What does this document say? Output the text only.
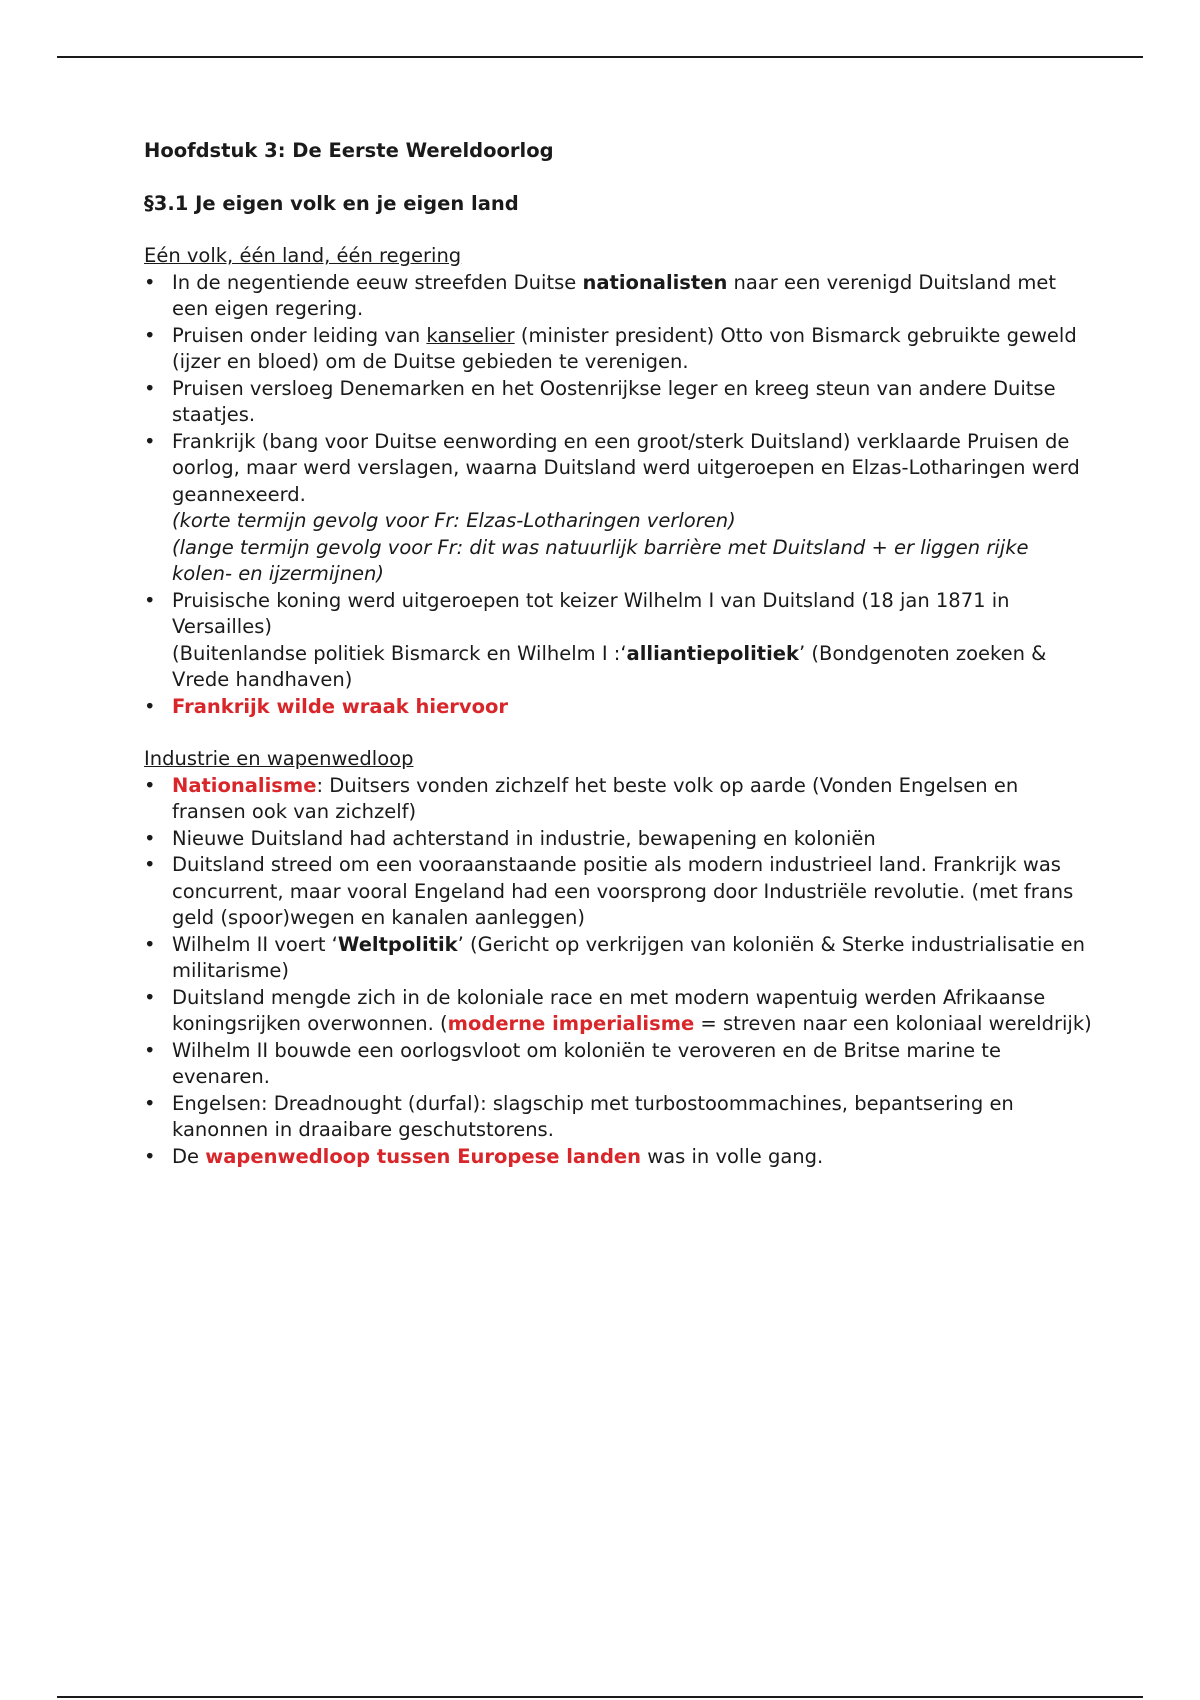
Hoofdstuk 3: De Eerste Wereldoorlog
§3.1 Je eigen volk en je eigen land
Eén volk, één land, één regering
• In de negentiende eeuw streefden Duitse nationalisten naar een verenigd Duitsland met een eigen regering.
• Pruisen onder leiding van kanselier (minister president) Otto von Bismarck gebruikte geweld (ijzer en bloed) om de Duitse gebieden te verenigen.
• Pruisen versloeg Denemarken en het Oostenrijkse leger en kreeg steun van andere Duitse staatjes.
• Frankrijk (bang voor Duitse eenwording en een groot/sterk Duitsland) verklaarde Pruisen de oorlog, maar werd verslagen, waarna Duitsland werd uitgeroepen en Elzas-Lotharingen werd geannexeerd.
(korte termijn gevolg voor Fr: Elzas-Lotharingen verloren)
(lange termijn gevolg voor Fr: dit was natuurlijk barrière met Duitsland + er liggen rijke kolen- en ijzermijnen)
• Pruisische koning werd uitgeroepen tot keizer Wilhelm I van Duitsland (18 jan 1871 in Versailles)
(Buitenlandse politiek Bismarck en Wilhelm I :‘alliantiepolitiek’ (Bondgenoten zoeken & Vrede handhaven)
• Frankrijk wilde wraak hiervoor
Industrie en wapenwedloop
• Nationalisme: Duitsers vonden zichzelf het beste volk op aarde (Vonden Engelsen en fransen ook van zichzelf)
• Nieuwe Duitsland had achterstand in industrie, bewapening en koloniën
• Duitsland streed om een vooraanstaande positie als modern industrieel land. Frankrijk was concurrent, maar vooral Engeland had een voorsprong door Industriële revolutie. (met frans geld (spoor)wegen en kanalen aanleggen)
• Wilhelm II voert ‘Weltpolitik’ (Gericht op verkrijgen van koloniën & Sterke industrialisatie en militarisme)
• Duitsland mengde zich in de koloniale race en met modern wapentuig werden Afrikaanse koningsrijken overwonnen. (moderne imperialisme = streven naar een koloniaal wereldrijk)
• Wilhelm II bouwde een oorlogsvloot om koloniën te veroveren en de Britse marine te evenaren.
• Engelsen: Dreadnought (durfal): slagschip met turbostoommachines, bepantsering en kanonnen in draaibare geschutstorens.
• De wapenwedloop tussen Europese landen was in volle gang.
